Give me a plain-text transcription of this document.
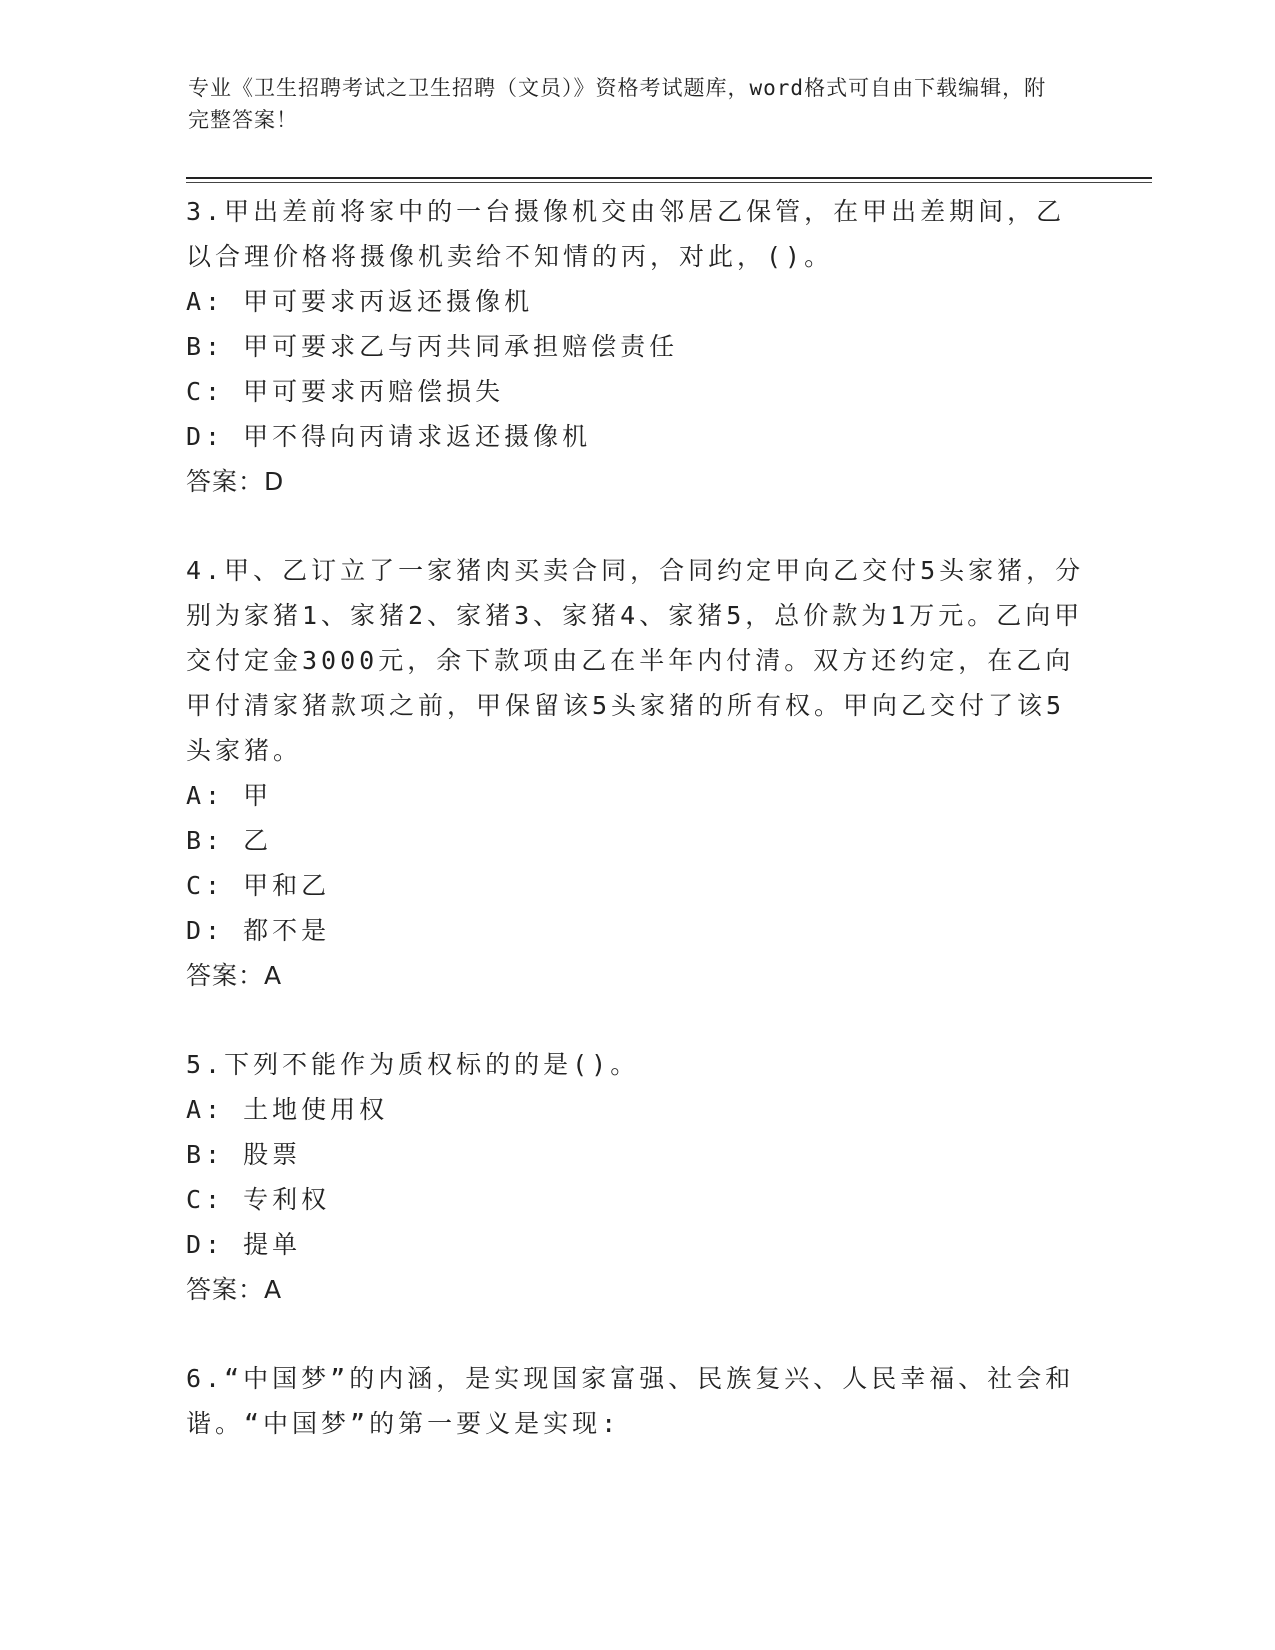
专业《卫生招聘考试之卫生招聘（文员）》资格考试题库，word格式可自由下载编辑，附完整答案！

3.甲出差前将家中的一台摄像机交由邻居乙保管，在甲出差期间，乙以合理价格将摄像机卖给不知情的丙，对此，()。

A: 甲可要求丙返还摄像机

B: 甲可要求乙与丙共同承担赔偿责任

C: 甲可要求丙赔偿损失

D: 甲不得向丙请求返还摄像机

答案：D

4.甲、乙订立了一家猪肉买卖合同，合同约定甲向乙交付5头家猪，分别为家猪1、家猪2、家猪3、家猪4、家猪5，总价款为1万元。乙向甲交付定金3000元，余下款项由乙在半年内付清。双方还约定，在乙向甲付清家猪款项之前，甲保留该5头家猪的所有权。甲向乙交付了该5头家猪。

A: 甲

B: 乙

C: 甲和乙

D: 都不是

答案：A

5.下列不能作为质权标的的是()。

A: 土地使用权

B: 股票

C: 专利权

D: 提单

答案：A

6.“中国梦”的内涵，是实现国家富强、民族复兴、人民幸福、社会和谐。“中国梦”的第一要义是实现:
